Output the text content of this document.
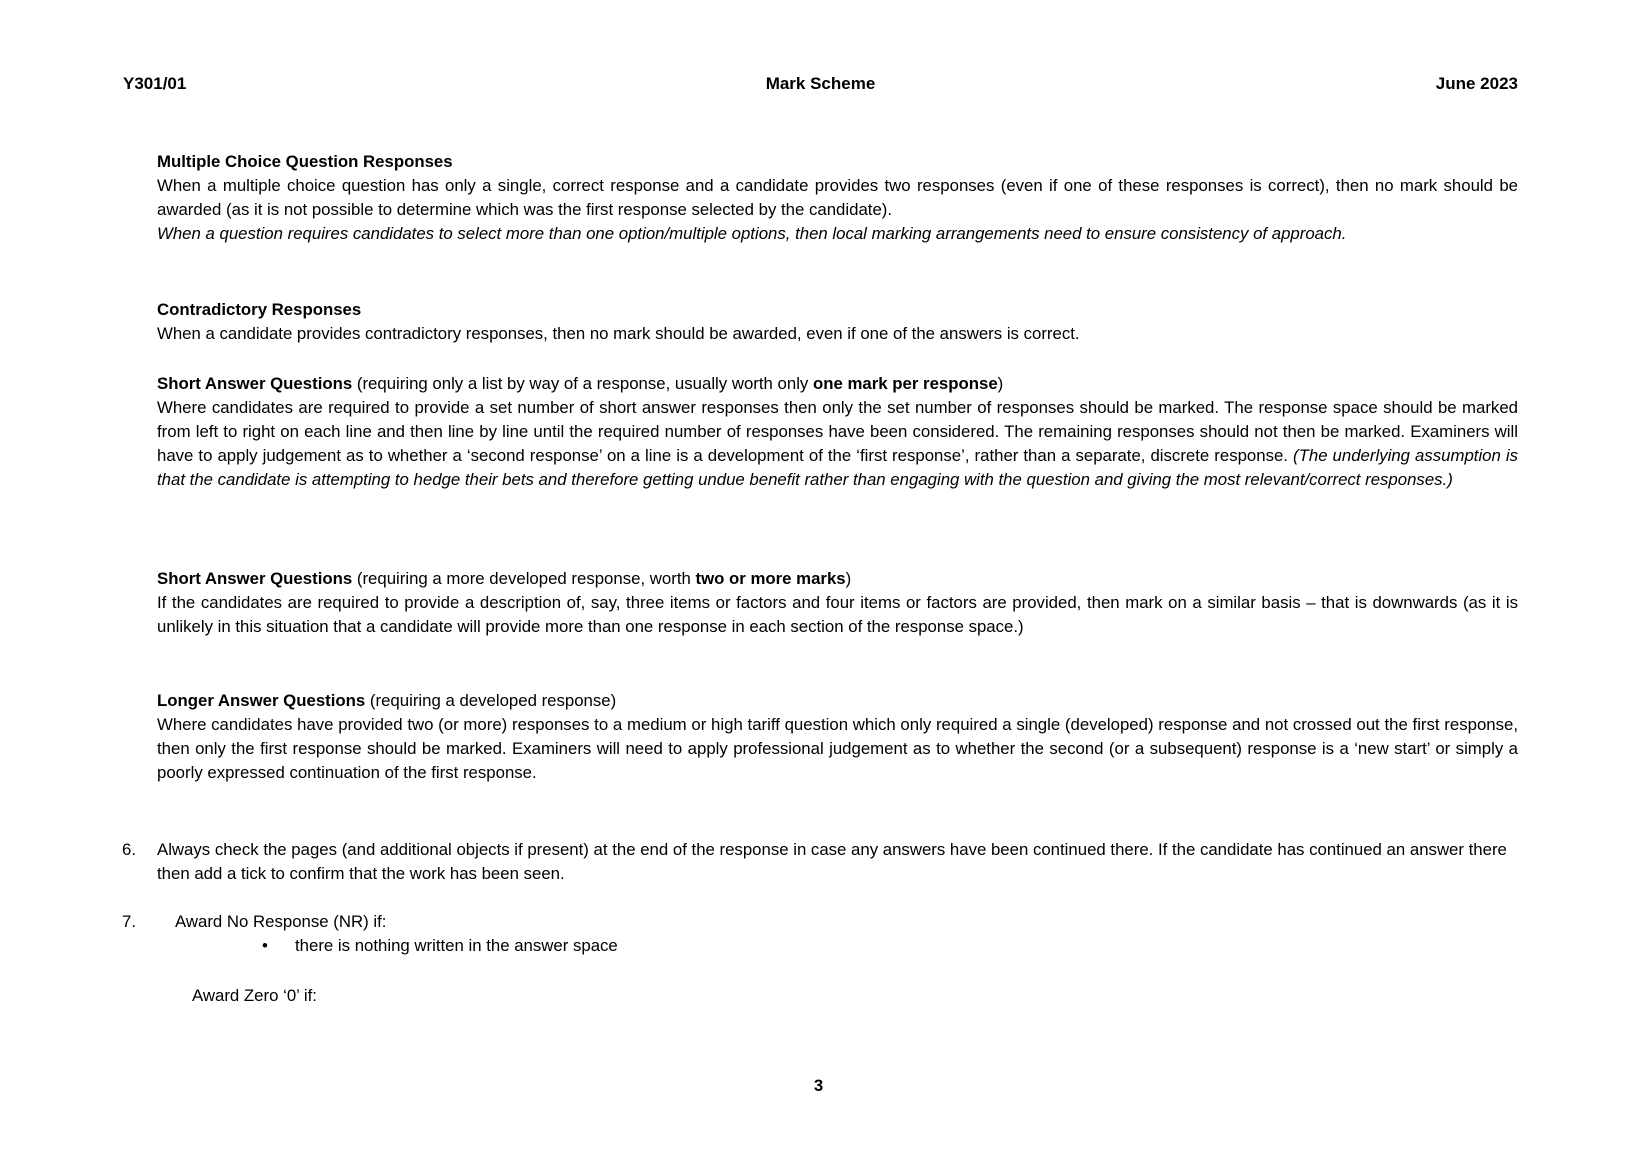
Y301/01	Mark Scheme	June 2023

Multiple Choice Question Responses

When a multiple choice question has only a single, correct response and a candidate provides two responses (even if one of these responses is correct), then no mark should be awarded (as it is not possible to determine which was the first response selected by the candidate).

When a question requires candidates to select more than one option/multiple options, then local marking arrangements need to ensure consistency of approach.

Contradictory Responses

When a candidate provides contradictory responses, then no mark should be awarded, even if one of the answers is correct.

Short Answer Questions (requiring only a list by way of a response, usually worth only one mark per response)

Where candidates are required to provide a set number of short answer responses then only the set number of responses should be marked. The response space should be marked from left to right on each line and then line by line until the required number of responses have been considered. The remaining responses should not then be marked. Examiners will have to apply judgement as to whether a ‘second response’ on a line is a development of the ‘first response’, rather than a separate, discrete response. (The underlying assumption is that the candidate is attempting to hedge their bets and therefore getting undue benefit rather than engaging with the question and giving the most relevant/correct responses.)

Short Answer Questions (requiring a more developed response, worth two or more marks)

If the candidates are required to provide a description of, say, three items or factors and four items or factors are provided, then mark on a similar basis – that is downwards (as it is unlikely in this situation that a candidate will provide more than one response in each section of the response space.)

Longer Answer Questions (requiring a developed response)

Where candidates have provided two (or more) responses to a medium or high tariff question which only required a single (developed) response and not crossed out the first response, then only the first response should be marked. Examiners will need to apply professional judgement as to whether the second (or a subsequent) response is a ‘new start’ or simply a poorly expressed continuation of the first response.

6. Always check the pages (and additional objects if present) at the end of the response in case any answers have been continued there. If the candidate has continued an answer there then add a tick to confirm that the work has been seen.
7. Award No Response (NR) if:
• there is nothing written in the answer space
Award Zero ‘0’ if:
3
